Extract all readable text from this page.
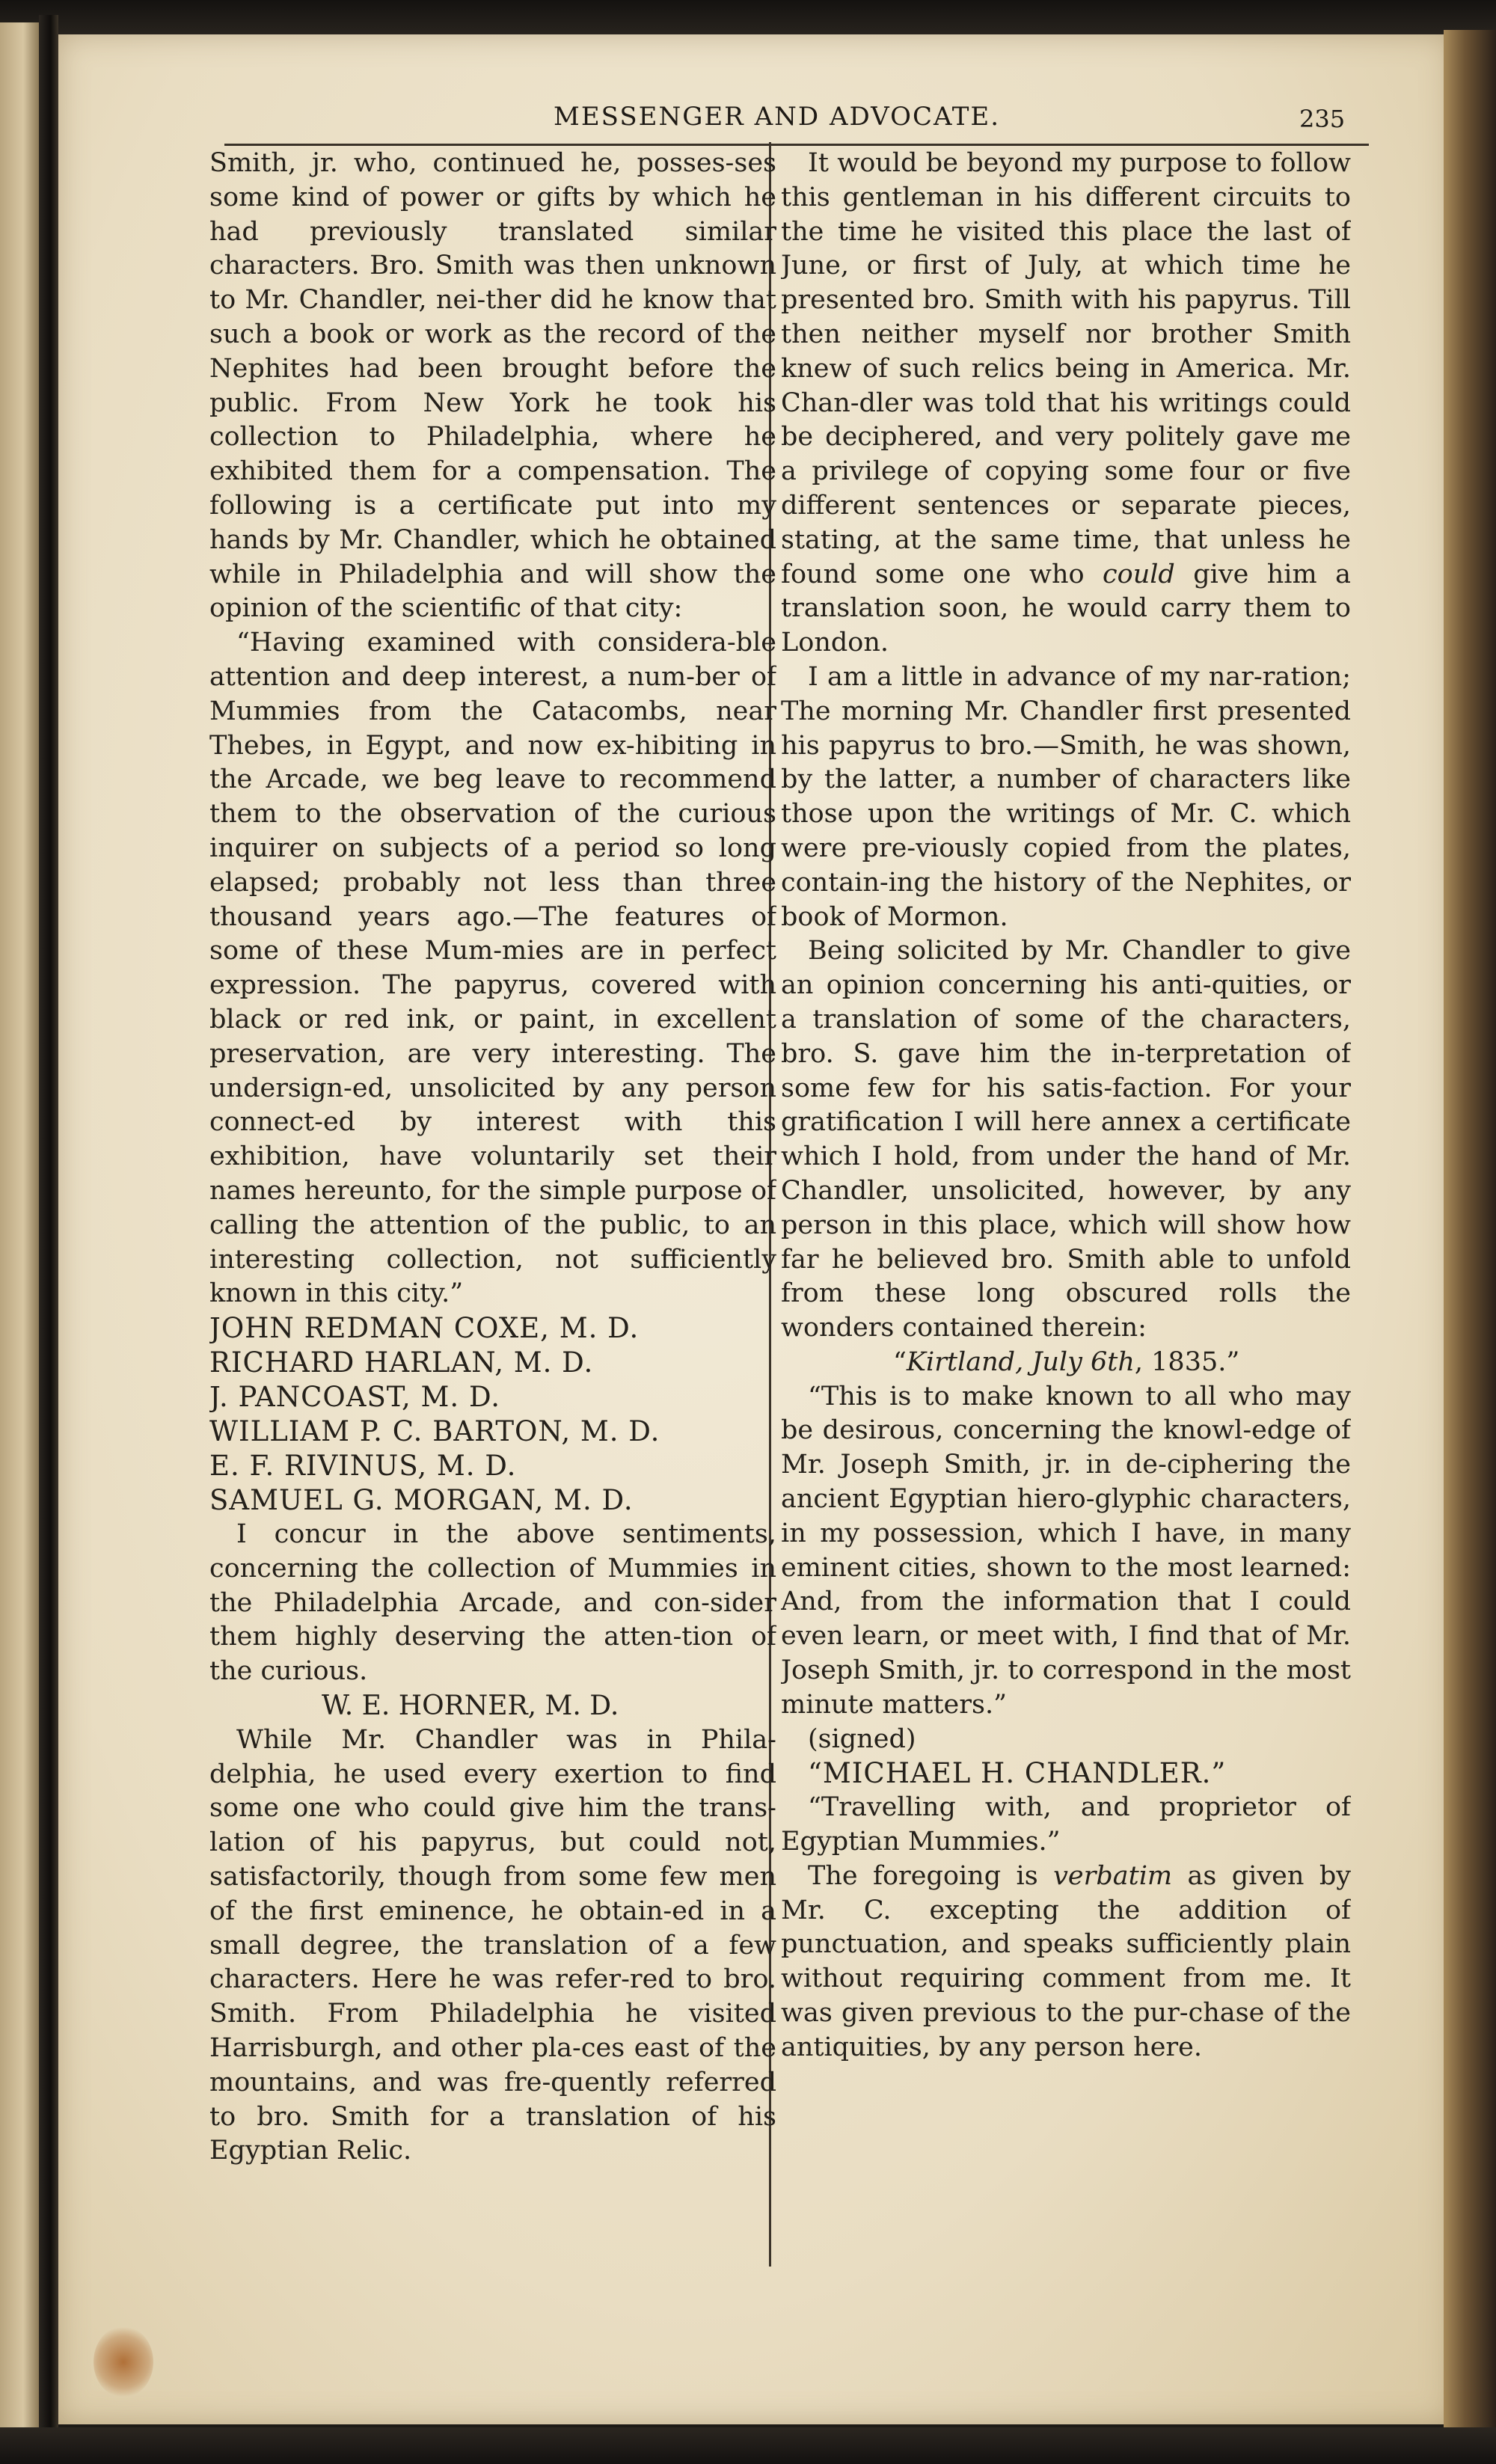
MESSENGER AND ADVOCATE.	235

Smith, jr. who, continued he, posses-ses some kind of power or gifts by which he had previously translated similar characters. Bro. Smith was then unknown to Mr. Chandler, nei-ther did he know that such a book or work as the record of the Nephites had been brought before the public. From New York he took his collection to Philadelphia, where he exhibited them for a compensation. The following is a certificate put into my hands by Mr. Chandler, which he obtained while in Philadelphia and will show the opinion of the scientific of that city:

“Having examined with considera-ble attention and deep interest, a num-ber of Mummies from the Catacombs, near Thebes, in Egypt, and now ex-hibiting in the Arcade, we beg leave to recommend them to the observation of the curious inquirer on subjects of a period so long elapsed; probably not less than three thousand years ago.—The features of some of these Mum-mies are in perfect expression. The papyrus, covered with black or red ink, or paint, in excellent preservation, are very interesting. The undersign-ed, unsolicited by any person connect-ed by interest with this exhibition, have voluntarily set their names hereunto, for the simple purpose of calling the attention of the public, to an interesting collection, not sufficiently known in this city.”

JOHN REDMAN COXE, M. D.

RICHARD HARLAN, M. D.

J. PANCOAST, M. D.

WILLIAM P. C. BARTON, M. D.

E. F. RIVINUS, M. D.

SAMUEL G. MORGAN, M. D.

I concur in the above sentiments, concerning the collection of Mummies in the Philadelphia Arcade, and con-sider them highly deserving the atten-tion of the curious.

W. E. HORNER, M. D.

While Mr. Chandler was in Phila-delphia, he used every exertion to find some one who could give him the trans-lation of his papyrus, but could not, satisfactorily, though from some few men of the first eminence, he obtain-ed in a small degree, the translation of a few characters. Here he was refer-red to bro. Smith. From Philadelphia he visited Harrisburgh, and other pla-ces east of the mountains, and was fre-quently referred to bro. Smith for a translation of his Egyptian Relic.

It would be beyond my purpose to follow this gentleman in his different circuits to the time he visited this place the last of June, or first of July, at which time he presented bro. Smith with his papyrus. Till then neither myself nor brother Smith knew of such relics being in America. Mr. Chan-dler was told that his writings could be deciphered, and very politely gave me a privilege of copying some four or five different sentences or separate pieces, stating, at the same time, that unless he found some one who could give him a translation soon, he would carry them to London.

I am a little in advance of my nar-ration; The morning Mr. Chandler first presented his papyrus to bro.—Smith, he was shown, by the latter, a number of characters like those upon the writings of Mr. C. which were pre-viously copied from the plates, contain-ing the history of the Nephites, or book of Mormon.

Being solicited by Mr. Chandler to give an opinion concerning his anti-quities, or a translation of some of the characters, bro. S. gave him the in-terpretation of some few for his satis-faction. For your gratification I will here annex a certificate which I hold, from under the hand of Mr. Chandler, unsolicited, however, by any person in this place, which will show how far he believed bro. Smith able to unfold from these long obscured rolls the wonders contained therein:

“Kirtland, July 6th, 1835.”

“This is to make known to all who may be desirous, concerning the knowl-edge of Mr. Joseph Smith, jr. in de-ciphering the ancient Egyptian hiero-glyphic characters, in my possession, which I have, in many eminent cities, shown to the most learned: And, from the information that I could even learn, or meet with, I find that of Mr. Joseph Smith, jr. to correspond in the most minute matters.”

(signed)

“MICHAEL H. CHANDLER.”

“Travelling with, and proprietor of Egyptian Mummies.”

The foregoing is verbatim as given by Mr. C. excepting the addition of punctuation, and speaks sufficiently plain without requiring comment from me. It was given previous to the pur-chase of the antiquities, by any person here.
